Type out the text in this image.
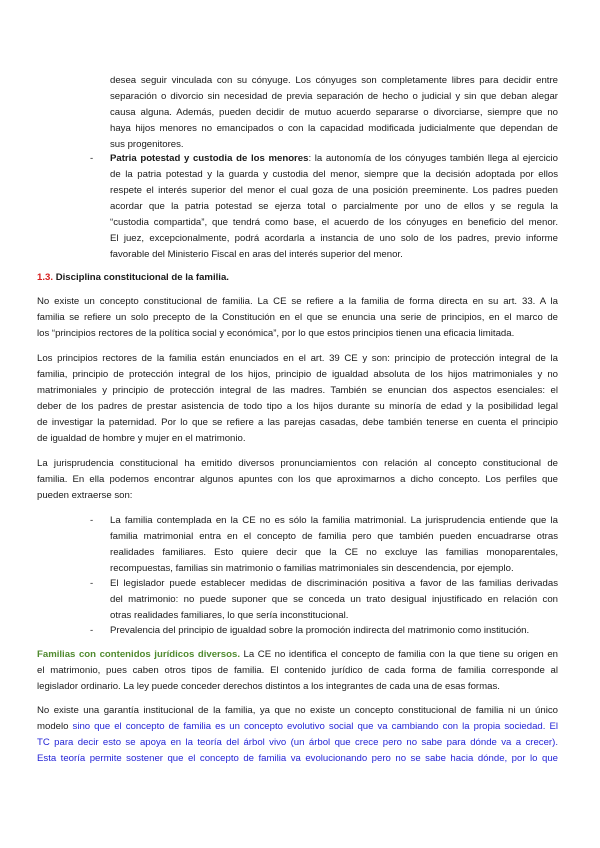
desea seguir vinculada con su cónyuge. Los cónyuges son completamente libres para decidir entre

separación o divorcio sin necesidad de previa separación de hecho o judicial y sin que deban alegar

causa alguna. Además, pueden decidir de mutuo acuerdo separarse o divorciarse, siempre que no

haya hijos menores no emancipados o con la capacidad modificada judicialmente que dependan de

sus progenitores.

- Patria potestad y custodia de los menores: la autonomía de los cónyuges también llega al ejercicio

de la patria potestad y la guarda y custodia del menor, siempre que la decisión adoptada por ellos

respete el interés superior del menor el cual goza de una posición preeminente. Los padres pueden

acordar que la patria potestad se ejerza total o parcialmente por uno de ellos y se regula la

“custodia compartida”, que tendrá como base, el acuerdo de los cónyuges en beneficio del menor.

El juez, excepcionalmente, podrá acordarla a instancia de uno solo de los padres, previo informe

favorable del Ministerio Fiscal en aras del interés superior del menor.

1.3. Disciplina constitucional de la familia.

No existe un concepto constitucional de familia. La CE se refiere a la familia de forma directa en su art. 33. A la

familia se refiere un solo precepto de la Constitución en el que se enuncia una serie de principios, en el marco de

los “principios rectores de la política social y económica”, por lo que estos principios tienen una eficacia limitada.

Los principios rectores de la familia están enunciados en el art. 39 CE y son: principio de protección integral de la

familia, principio de protección integral de los hijos, principio de igualdad absoluta de los hijos matrimoniales y no

matrimoniales y principio de protección integral de las madres. También se enuncian dos aspectos esenciales: el

deber de los padres de prestar asistencia de todo tipo a los hijos durante su minoría de edad y la posibilidad legal

de investigar la paternidad. Por lo que se refiere a las parejas casadas, debe también tenerse en cuenta el principio

de igualdad de hombre y mujer en el matrimonio.

La jurisprudencia constitucional ha emitido diversos pronunciamientos con relación al concepto constitucional de

familia. En ella podemos encontrar algunos apuntes con los que aproximarnos a dicho concepto. Los perfiles que

pueden extraerse son:

- La familia contemplada en la CE no es sólo la familia matrimonial. La jurisprudencia entiende que la

familia matrimonial entra en el concepto de familia pero que también pueden encuadrarse otras

realidades familiares. Esto quiere decir que la CE no excluye las familias monoparentales,

recompuestas, familias sin matrimonio o familias matrimoniales sin descendencia, por ejemplo.

- El legislador puede establecer medidas de discriminación positiva a favor de las familias derivadas

del matrimonio: no puede suponer que se conceda un trato desigual injustificado en relación con

otras realidades familiares, lo que sería inconstitucional.

- Prevalencia del principio de igualdad sobre la promoción indirecta del matrimonio como institución.

Familias con contenidos jurídicos diversos. La CE no identifica el concepto de familia con la que tiene su origen en

el matrimonio, pues caben otros tipos de familia. El contenido jurídico de cada forma de familia corresponde al

legislador ordinario. La ley puede conceder derechos distintos a los integrantes de cada una de esas formas.

No existe una garantía institucional de la familia, ya que no existe un concepto constitucional de familia ni un único

modelo sino que el concepto de familia es un concepto evolutivo social que va cambiando con la propia sociedad. El

TC para decir esto se apoya en la teoría del árbol vivo (un árbol que crece pero no sabe para dónde va a crecer).

Esta teoría permite sostener que el concepto de familia va evolucionando pero no se sabe hacia dónde, por lo que
